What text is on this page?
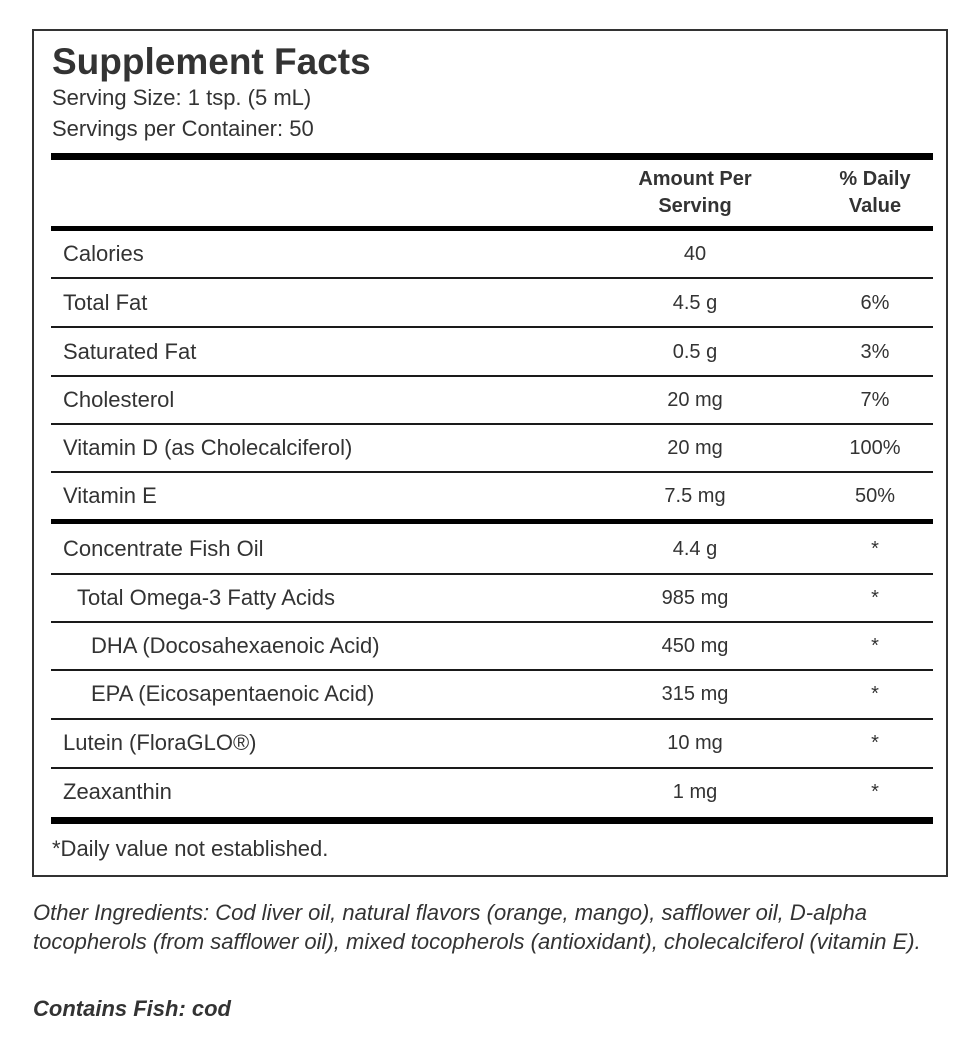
Supplement Facts
Serving Size: 1 tsp. (5 mL)
Servings per Container: 50
Amount Per
Serving
% Daily
Value
Calories	40
Total Fat	4.5 g	6%
Saturated Fat	0.5 g	3%
Cholesterol	20 mg	7%
Vitamin D (as Cholecalciferol)	20 mg	100%
Vitamin E	7.5 mg	50%
Concentrate Fish Oil	4.4 g	*
Total Omega-3 Fatty Acids	985 mg	*
DHA (Docosahexaenoic Acid)	450 mg	*
EPA (Eicosapentaenoic Acid)	315 mg	*
Lutein (FloraGLO®)	10 mg	*
Zeaxanthin	1 mg	*
*Daily value not established.
Other Ingredients: Cod liver oil, natural flavors (orange, mango), safflower oil, D-alpha tocopherols (from safflower oil), mixed tocopherols (antioxidant), cholecalciferol (vitamin E).
Contains Fish: cod
